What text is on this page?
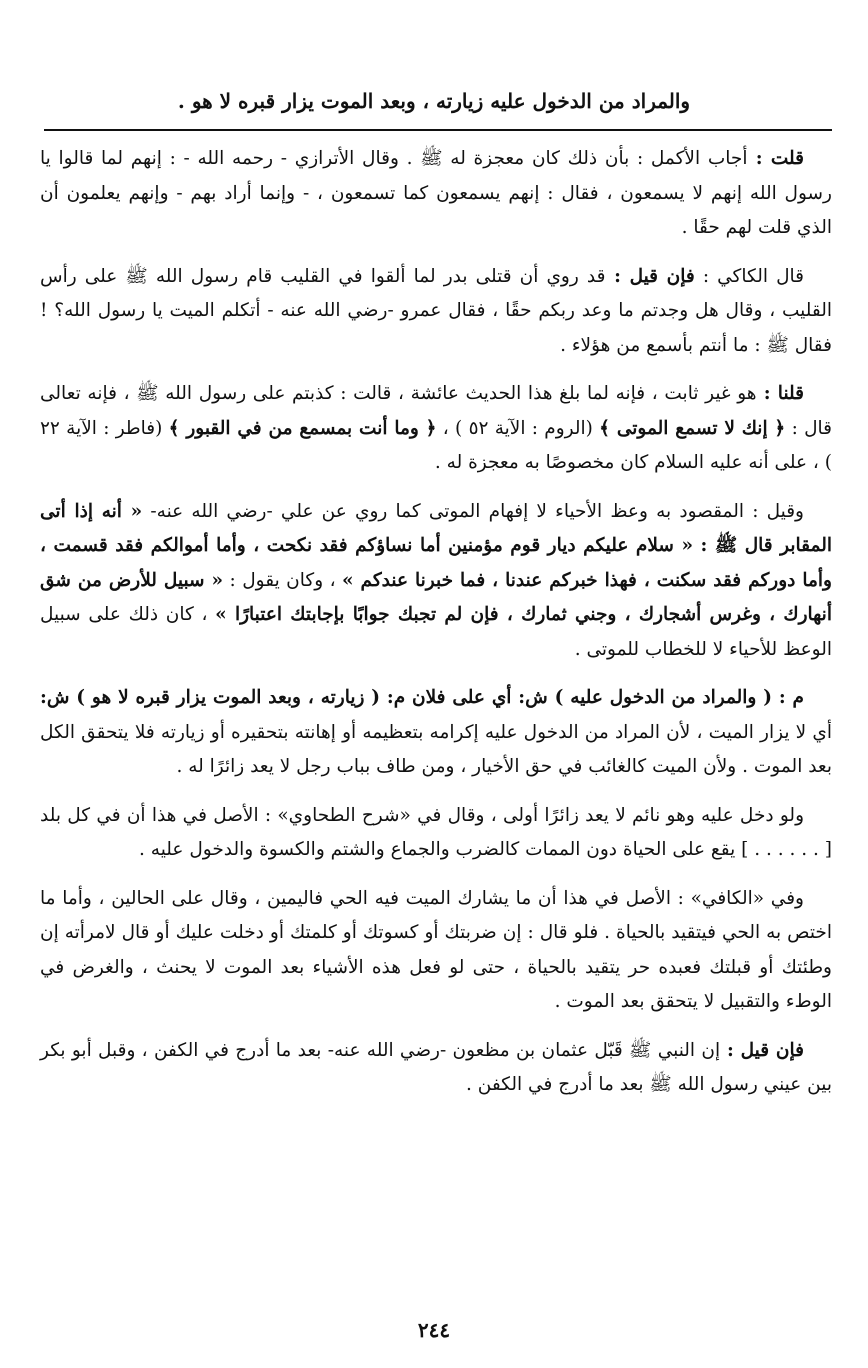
والمراد من الدخول عليه زيارته ، وبعد الموت يزار قبره لا هو .

قلت : أجاب الأكمل : بأن ذلك كان معجزة له ﷺ . وقال الأترازي - رحمه الله - : إنهم لما قالوا يا رسول الله إنهم لا يسمعون ، فقال : إنهم يسمعون كما تسمعون ، - وإنما أراد بهم - وإنهم يعلمون أن الذي قلت لهم حقًا .

قال الكاكي : فإن قيل : قد روي أن قتلى بدر لما ألقوا في القليب قام رسول الله ﷺ على رأس القليب ، وقال هل وجدتم ما وعد ربكم حقًا ، فقال عمرو -رضي الله عنه - أتكلم الميت يا رسول الله؟ ! فقال ﷺ : ما أنتم بأسمع من هؤلاء .

قلنا : هو غير ثابت ، فإنه لما بلغ هذا الحديث عائشة ، قالت : كذبتم على رسول الله ﷺ ، فإنه تعالى قال : ﴿ إنك لا تسمع الموتى ﴾ (الروم : الآية ٥٢ ) ، ﴿ وما أنت بمسمع من في القبور ﴾ (فاطر : الآية ٢٢ ) ، على أنه عليه السلام كان مخصوصًا به معجزة له .

وقيل : المقصود به وعظ الأحياء لا إفهام الموتى كما روي عن علي -رضي الله عنه- « أنه إذا أتى المقابر قال ﷺ : « سلام عليكم ديار قوم مؤمنين أما نساؤكم فقد نكحت ، وأما أموالكم فقد قسمت ، وأما دوركم فقد سكنت ، فهذا خبركم عندنا ، فما خبرنا عندكم » ، وكان يقول : « سبيل للأرض من شق أنهارك ، وغرس أشجارك ، وجني ثمارك ، فإن لم تجبك جوابًا بإجابتك اعتبارًا » ، كان ذلك على سبيل الوعظ للأحياء لا للخطاب للموتى .

م : ( والمراد من الدخول عليه ) ش: أي على فلان م: ( زيارته ، وبعد الموت يزار قبره لا هو ) ش: أي لا يزار الميت ، لأن المراد من الدخول عليه إكرامه بتعظيمه أو إهانته بتحقيره أو زيارته فلا يتحقق الكل بعد الموت . ولأن الميت كالغائب في حق الأخيار ، ومن طاف بباب رجل لا يعد زائرًا له .

ولو دخل عليه وهو نائم لا يعد زائرًا أولى ، وقال في «شرح الطحاوي» : الأصل في هذا أن في كل بلد [ . . . . . . ] يقع على الحياة دون الممات كالضرب والجماع والشتم والكسوة والدخول عليه .

وفي «الكافي» : الأصل في هذا أن ما يشارك الميت فيه الحي فاليمين ، وقال على الحالين ، وأما ما اختص به الحي فيتقيد بالحياة . فلو قال : إن ضربتك أو كسوتك أو كلمتك أو دخلت عليك أو قال لامرأته إن وطئتك أو قبلتك فعبده حر يتقيد بالحياة ، حتى لو فعل هذه الأشياء بعد الموت لا يحنث ، والغرض في الوطء والتقبيل لا يتحقق بعد الموت .

فإن قيل : إن النبي ﷺ قَبّل عثمان بن مظعون -رضي الله عنه- بعد ما أدرج في الكفن ، وقبل أبو بكر بين عيني رسول الله ﷺ بعد ما أدرج في الكفن .

٢٤٤
